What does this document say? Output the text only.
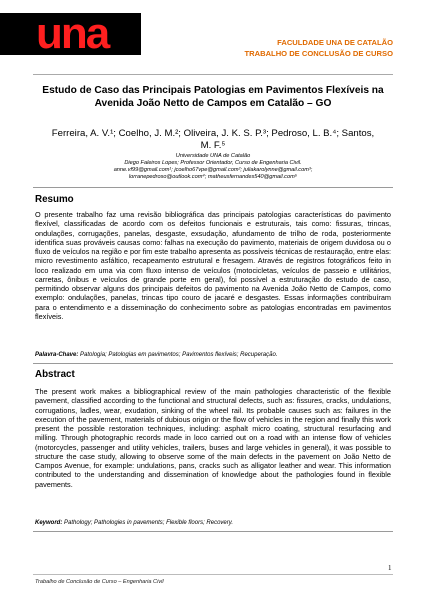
una	FACULDADE UNA DE CATALÃO
TRABALHO DE CONCLUSÃO DE CURSO
Estudo de Caso das Principais Patologias em Pavimentos Flexíveis na
Avenida João Netto de Campos em Catalão – GO
Ferreira, A. V.¹; Coelho, J. M.²; Oliveira, J. K. S. P.³; Pedroso, L. B.⁴; Santos,
M. F.⁵
Universidade UNA de Catalão
Diego Faleiros Lopes; Professor Orientador, Curso de Engenharia Civil.
anne.vf99@gmail.com¹; jcoelho67vpe@gmail.com²; juliakarolynne@gmail.com³;
lorranepedroso@outlook.com⁴; matheusfernandes540@gmail.com⁵
Resumo
O presente trabalho faz uma revisão bibliográfica das principais patologias características do pavimento flexível, classificadas de acordo com os defeitos funcionais e estruturais, tais como: fissuras, trincas, ondulações, corrugações, panelas, desgaste, exsudação, afundamento de trilho de roda, posteriormente identifica suas prováveis causas como: falhas na execução do pavimento, materiais de origem duvidosa ou o fluxo de veículos na região e por fim este trabalho apresenta as possíveis técnicas de restauração, entre elas: micro revestimento asfáltico, recapeamento estrutural e fresagem. Através de registros fotográficos feito in loco realizado em uma via com fluxo intenso de veículos (motocicletas, veículos de passeio e utilitários, carretas, ônibus e veículos de grande porte em geral), foi possível a estruturação do estudo de caso, permitindo observar alguns dos principais defeitos do pavimento na Avenida João Netto de Campos, como exemplo: ondulações, panelas, trincas tipo couro de jacaré e desgastes. Essas informações contribuíram para o entendimento e a disseminação do conhecimento sobre as patologias encontradas em pavimentos flexíveis.
Palavra-Chave: Patologia; Patologias em pavimentos; Pavimentos flexíveis; Recuperação.
Abstract
The present work makes a bibliographical review of the main pathologies characteristic of the flexible pavement, classified according to the functional and structural defects, such as: fissures, cracks, undulations, corrugations, ladles, wear, exudation, sinking of the wheel rail. Its probable causes such as: failures in the execution of the pavement, materials of dubious origin or the flow of vehicles in the region and finally this work present the possible restoration techniques, including: asphalt micro coating, structural resurfacing and milling. Through photographic records made in loco carried out on a road with an intense flow of vehicles (motorcycles, passenger and utility vehicles, trailers, buses and large vehicles in general), it was possible to structure the case study, allowing to observe some of the main defects in the pavement on João Netto de Campos Avenue, for example: undulations, pans, cracks such as alligator leather and wear. This information contributed to the understanding and dissemination of knowledge about the pathologies found in flexible pavements.
Keyword: Pathology; Pathologies in pavements; Flexible floors; Recovery.
1
Trabalho de Conclusão de Curso – Engenharia Civil
